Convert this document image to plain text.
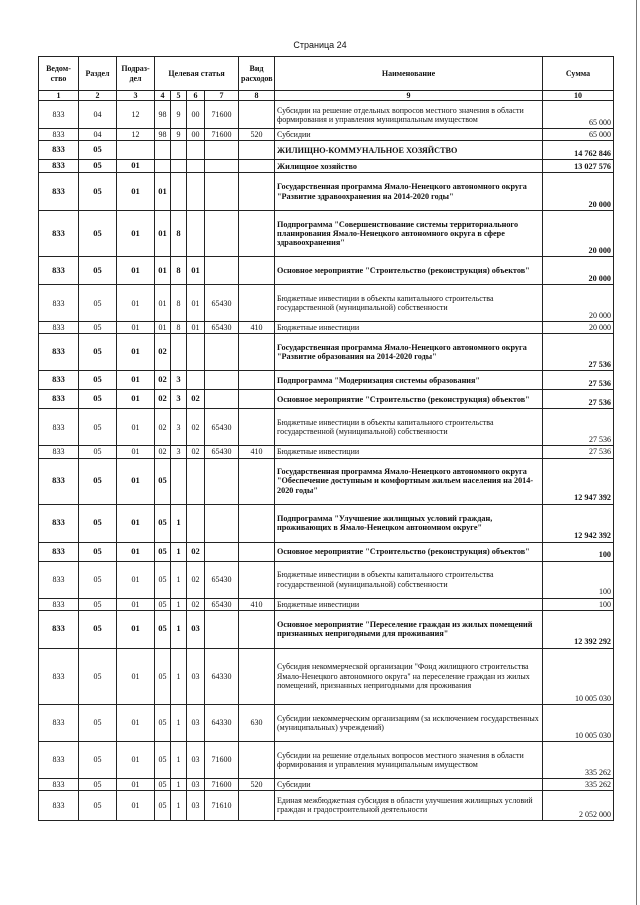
Страница 24
Ведом-ство	Раздел	Подраз-дел	Целевая статья				Вид расходов	Наименование	Сумма
1	2	3	4	5	6	7	8	9	10
833	04	12	98	9	00	71600		Субсидии на решение отдельных вопросов местного значения в области формирования и управления муниципальным имуществом	65 000
833	04	12	98	9	00	71600	520	Субсидии	65 000
833	05							ЖИЛИЩНО-КОММУНАЛЬНОЕ ХОЗЯЙСТВО	14 762 846
833	05	01						Жилищное хозяйство	13 027 576
833	05	01	01					Государственная программа Ямало-Ненецкого автономного округа "Развитие здравоохранения на 2014-2020 годы"	20 000
833	05	01	01	8				Подпрограмма "Совершенствование системы территориального планирования Ямало-Ненецкого автономного округа в сфере здравоохранения"	20 000
833	05	01	01	8	01			Основное мероприятие "Строительство (реконструкция) объектов"	20 000
833	05	01	01	8	01	65430		Бюджетные инвестиции в объекты капитального строительства государственной (муниципальной) собственности	20 000
833	05	01	01	8	01	65430	410	Бюджетные инвестиции	20 000
833	05	01	02					Государственная программа Ямало-Ненецкого автономного округа "Развитие образования на 2014-2020 годы"	27 536
833	05	01	02	3				Подпрограмма "Модернизация системы образования"	27 536
833	05	01	02	3	02			Основное мероприятие "Строительство (реконструкция) объектов"	27 536
833	05	01	02	3	02	65430		Бюджетные инвестиции в объекты капитального строительства государственной (муниципальной) собственности	27 536
833	05	01	02	3	02	65430	410	Бюджетные инвестиции	27 536
833	05	01	05					Государственная программа Ямало-Ненецкого автономного округа "Обеспечение доступным и комфортным жильем населения на 2014-2020 годы"	12 947 392
833	05	01	05	1				Подпрограмма "Улучшение жилищных условий граждан, проживающих в Ямало-Ненецком автономном округе"	12 942 392
833	05	01	05	1	02			Основное мероприятие "Строительство (реконструкция) объектов"	100
833	05	01	05	1	02	65430		Бюджетные инвестиции в объекты капитального строительства государственной (муниципальной) собственности	100
833	05	01	05	1	02	65430	410	Бюджетные инвестиции	100
833	05	01	05	1	03			Основное мероприятие "Переселение граждан из жилых помещений признанных непригодными для проживания"	12 392 292
833	05	01	05	1	03	64330		Субсидия некоммерческой организации "Фонд жилищного строительства Ямало-Ненецкого автономного округа" на переселение граждан из жилых помещений, признанных непригодными для проживания	10 005 030
833	05	01	05	1	03	64330	630	Субсидии некоммерческим организациям (за исключением государственных (муниципальных) учреждений)	10 005 030
833	05	01	05	1	03	71600		Субсидии на решение отдельных вопросов местного значения в области формирования и управления муниципальным имуществом	335 262
833	05	01	05	1	03	71600	520	Субсидии	335 262
833	05	01	05	1	03	71610		Единая межбюджетная субсидия в области улучшения жилищных условий граждан и градостроительной деятельности	2 052 000
